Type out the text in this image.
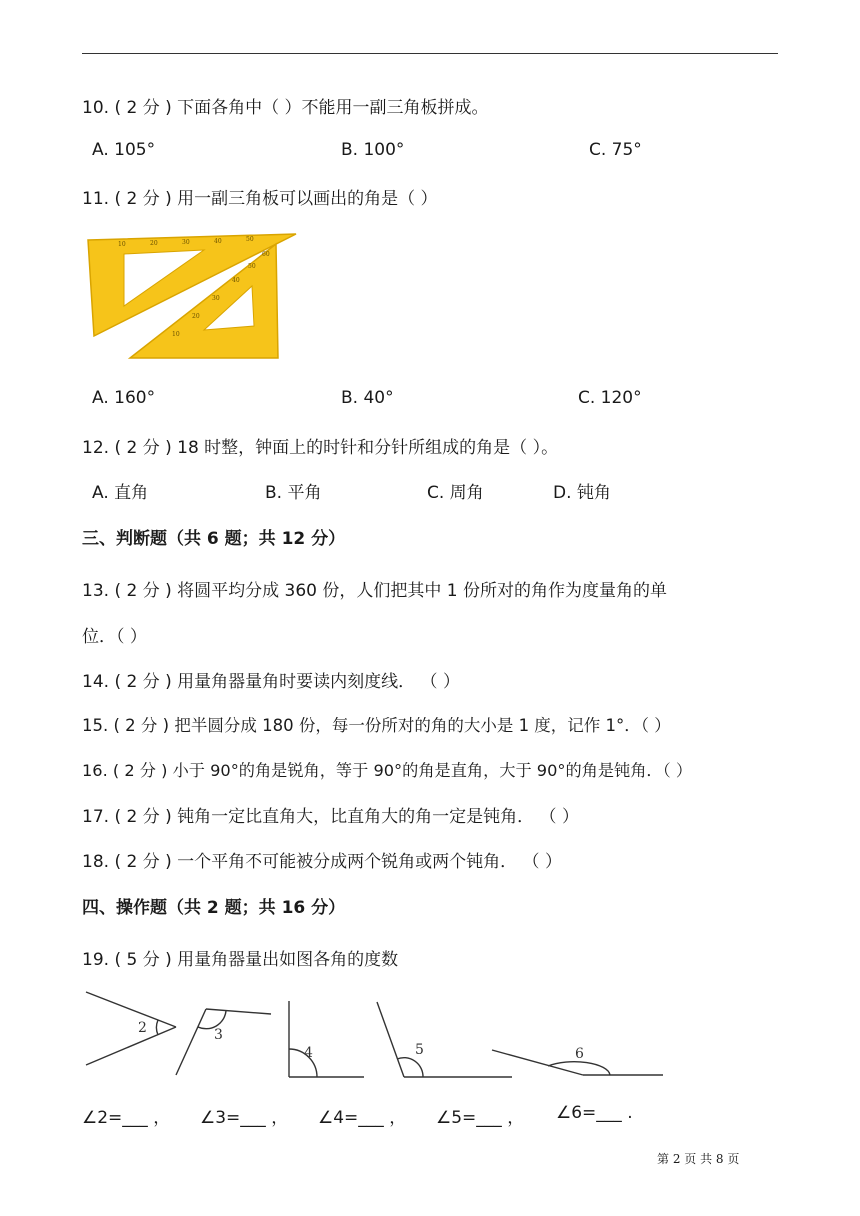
10. ( 2 分 ) 下面各角中（ ）不能用一副三角板拼成。
A. 105°	B. 100°	C. 75°
11. ( 2 分 ) 用一副三角板可以画出的角是（ ）
10	20	30	40	50
10
20
30
40
50
60
A. 160°	B. 40°	C. 120°
12. ( 2 分 ) 18 时整，钟面上的时针和分针所组成的角是（ ）。
A. 直角	B. 平角	C. 周角	D. 钝角
三、判断题（共 6 题；共 12 分）
13. ( 2 分 ) 将圆平均分成 360 份，人们把其中 1 份所对的角作为度量角的单
位．（ ）
14. ( 2 分 ) 用量角器量角时要读内刻度线． （ ）
15. ( 2 分 ) 把半圆分成 180 份，每一份所对的角的大小是 1 度，记作 1°．（ ）
16. ( 2 分 ) 小于 90°的角是锐角，等于 90°的角是直角，大于 90°的角是钝角．（ ）
17. ( 2 分 ) 钝角一定比直角大，比直角大的角一定是钝角． （ ）
18. ( 2 分 ) 一个平角不可能被分成两个锐角或两个钝角． （ ）
四、操作题（共 2 题；共 16 分）
19. ( 5 分 ) 用量角器量出如图各角的度数
2	3
4	5	6
∠2=___ ， ∠3=___ ， ∠4=___ ， ∠5=___ ， ∠6=___ .
第 2 页 共 8 页
